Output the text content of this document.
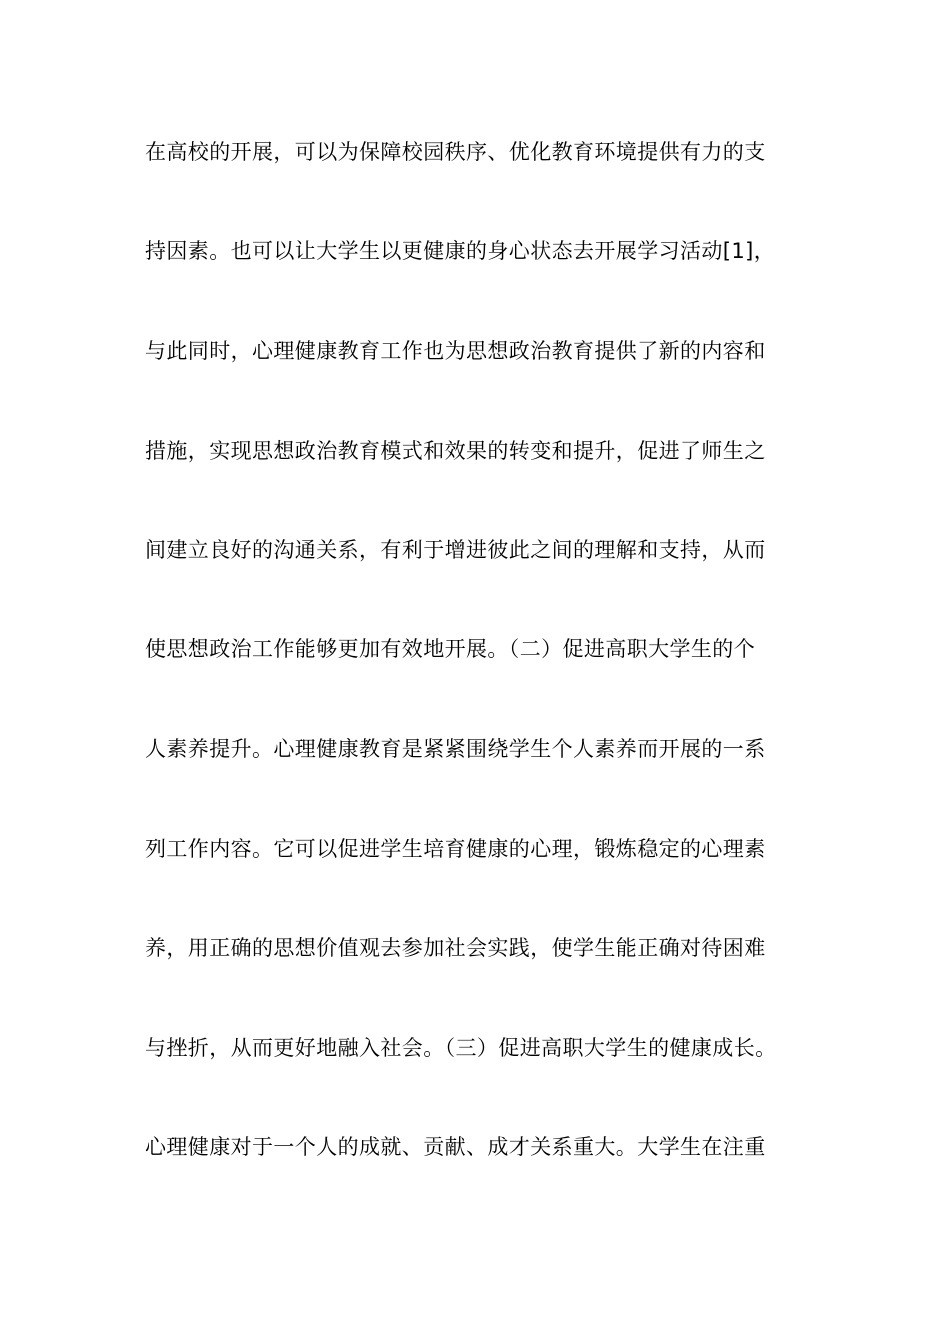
在高校的开展，可以为保障校园秩序、优化教育环境提供有力的支
持因素。也可以让大学生以更健康的身心状态去开展学习活动[1]，
与此同时，心理健康教育工作也为思想政治教育提供了新的内容和
措施，实现思想政治教育模式和效果的转变和提升，促进了师生之
间建立良好的沟通关系，有利于增进彼此之间的理解和支持，从而
使思想政治工作能够更加有效地开展。（二）促进高职大学生的个
人素养提升。心理健康教育是紧紧围绕学生个人素养而开展的一系
列工作内容。它可以促进学生培育健康的心理，锻炼稳定的心理素
养，用正确的思想价值观去参加社会实践，使学生能正确对待困难
与挫折，从而更好地融入社会。（三）促进高职大学生的健康成长。
心理健康对于一个人的成就、贡献、成才关系重大。大学生在注重
